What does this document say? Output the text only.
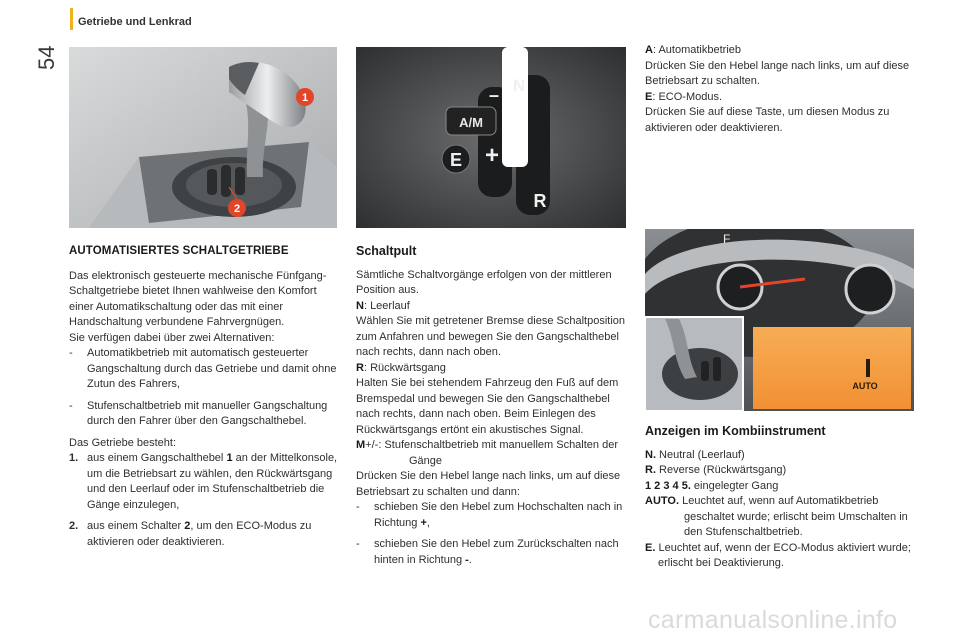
54
Getriebe und Lenkrad
1
2
A/M
N
–
E +
R
F
AUTO
AUTOMATISIERTES SCHALTGETRIEBE

Das elektronisch gesteuerte mechanische Fünfgang-Schaltgetriebe bietet Ihnen wahlweise den Komfort einer Automatikschaltung oder das mit einer Handschaltung verbundene Fahrvergnügen.

Sie verfügen dabei über zwei Alternativen:

-	Automatikbetrieb mit automatisch gesteuerter Gangschaltung durch das Getriebe und damit ohne Zutun des Fahrers,
-	Stufenschaltbetrieb mit manueller Gangschaltung durch den Fahrer über den Gangschalthebel.

Das Getriebe besteht:

1. aus einem Gangschalthebel 1 an der Mittelkonsole, um die Betriebsart zu wählen, den Rückwärtsgang und den Leerlauf oder im Stufenschaltbetrieb die Gänge einzulegen,
2. aus einem Schalter 2, um den ECO-Modus zu aktivieren oder deaktivieren.
Schaltpult

Sämtliche Schaltvorgänge erfolgen von der mittleren Position aus.

N: Leerlauf

Wählen Sie mit getretener Bremse diese Schaltposition zum Anfahren und bewegen Sie den Gangschalthebel nach rechts, dann nach oben.

R: Rückwärtsgang

Halten Sie bei stehendem Fahrzeug den Fuß auf dem Bremspedal und bewegen Sie den Gangschalthebel nach rechts, dann nach oben. Beim Einlegen des Rückwärtsgangs ertönt ein akustisches Signal.

M+/-: Stufenschaltbetrieb mit manuellem Schalten der Gänge

Drücken Sie den Hebel lange nach links, um auf diese Betriebsart zu schalten und dann:

-	schieben Sie den Hebel zum Hochschalten nach in Richtung +,
-	schieben Sie den Hebel zum Zurückschalten nach hinten in Richtung -.

A: Automatikbetrieb

Drücken Sie den Hebel lange nach links, um auf diese Betriebsart zu schalten.

E: ECO-Modus.

Drücken Sie auf diese Taste, um diesen Modus zu aktivieren oder deaktivieren.

Anzeigen im Kombiinstrument

N. Neutral (Leerlauf)

R. Reverse (Rückwärtsgang)

1 2 3 4 5. eingelegter Gang

AUTO. Leuchtet auf, wenn auf Automatikbetrieb geschaltet wurde; erlischt beim Umschalten in den Stufenschaltbetrieb.

E. Leuchtet auf, wenn der ECO-Modus aktiviert wurde; erlischt bei Deaktivierung.

carmanualsonline.info
